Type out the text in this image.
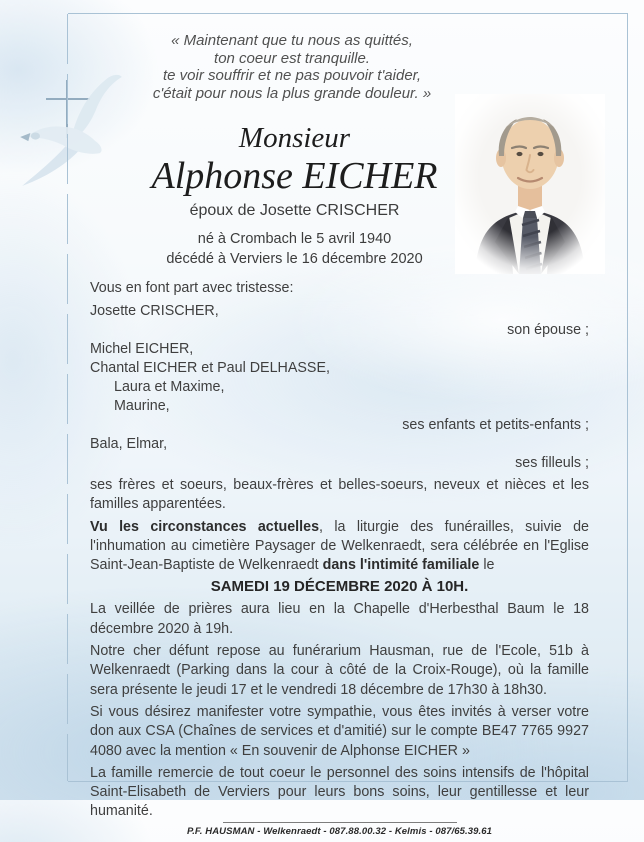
« Maintenant que tu nous as quittés,
ton coeur est tranquille.
te voir souffrir et ne pas pouvoir t'aider,
c'était pour nous la plus grande douleur. »
Monsieur
Alphonse EICHER
époux de Josette CRISCHER
né à Crombach le 5 avril 1940
décédé à Verviers le 16 décembre 2020

Vous en font part avec tristesse:

Josette CRISCHER,

son épouse ;

Michel EICHER,

Chantal EICHER et Paul DELHASSE,

Laura et Maxime,

Maurine,

ses enfants et petits-enfants ;

Bala, Elmar,

ses filleuls ;

ses frères et soeurs, beaux-frères et belles-soeurs, neveux et nièces et les familles apparentées.

Vu les circonstances actuelles, la liturgie des funérailles, suivie de l'inhumation au cimetière Paysager de Welkenraedt, sera célébrée en l'Eglise Saint-Jean-Baptiste de Welkenraedt dans l'intimité familiale le

SAMEDI 19 DÉCEMBRE 2020 À 10H.

La veillée de prières aura lieu en la Chapelle d'Herbesthal Baum le 18 décembre 2020 à 19h.

Notre cher défunt repose au funérarium Hausman, rue de l'Ecole, 51b à Welkenraedt (Parking dans la cour à côté de la Croix-Rouge), où la famille sera présente le jeudi 17 et le vendredi 18 décembre de 17h30 à 18h30.

Si vous désirez manifester votre sympathie, vous êtes invités à verser votre don aux CSA (Chaînes de services et d'amitié) sur le compte BE47 7765 9927 4080 avec la mention « En souvenir de Alphonse EICHER »

La famille remercie de tout coeur le personnel des soins intensifs de l'hôpital Saint-Elisabeth de Verviers pour leurs bons soins, leur gentillesse et leur humanité.

P.F. HAUSMAN - Welkenraedt - 087.88.00.32 - Kelmis - 087/65.39.61
